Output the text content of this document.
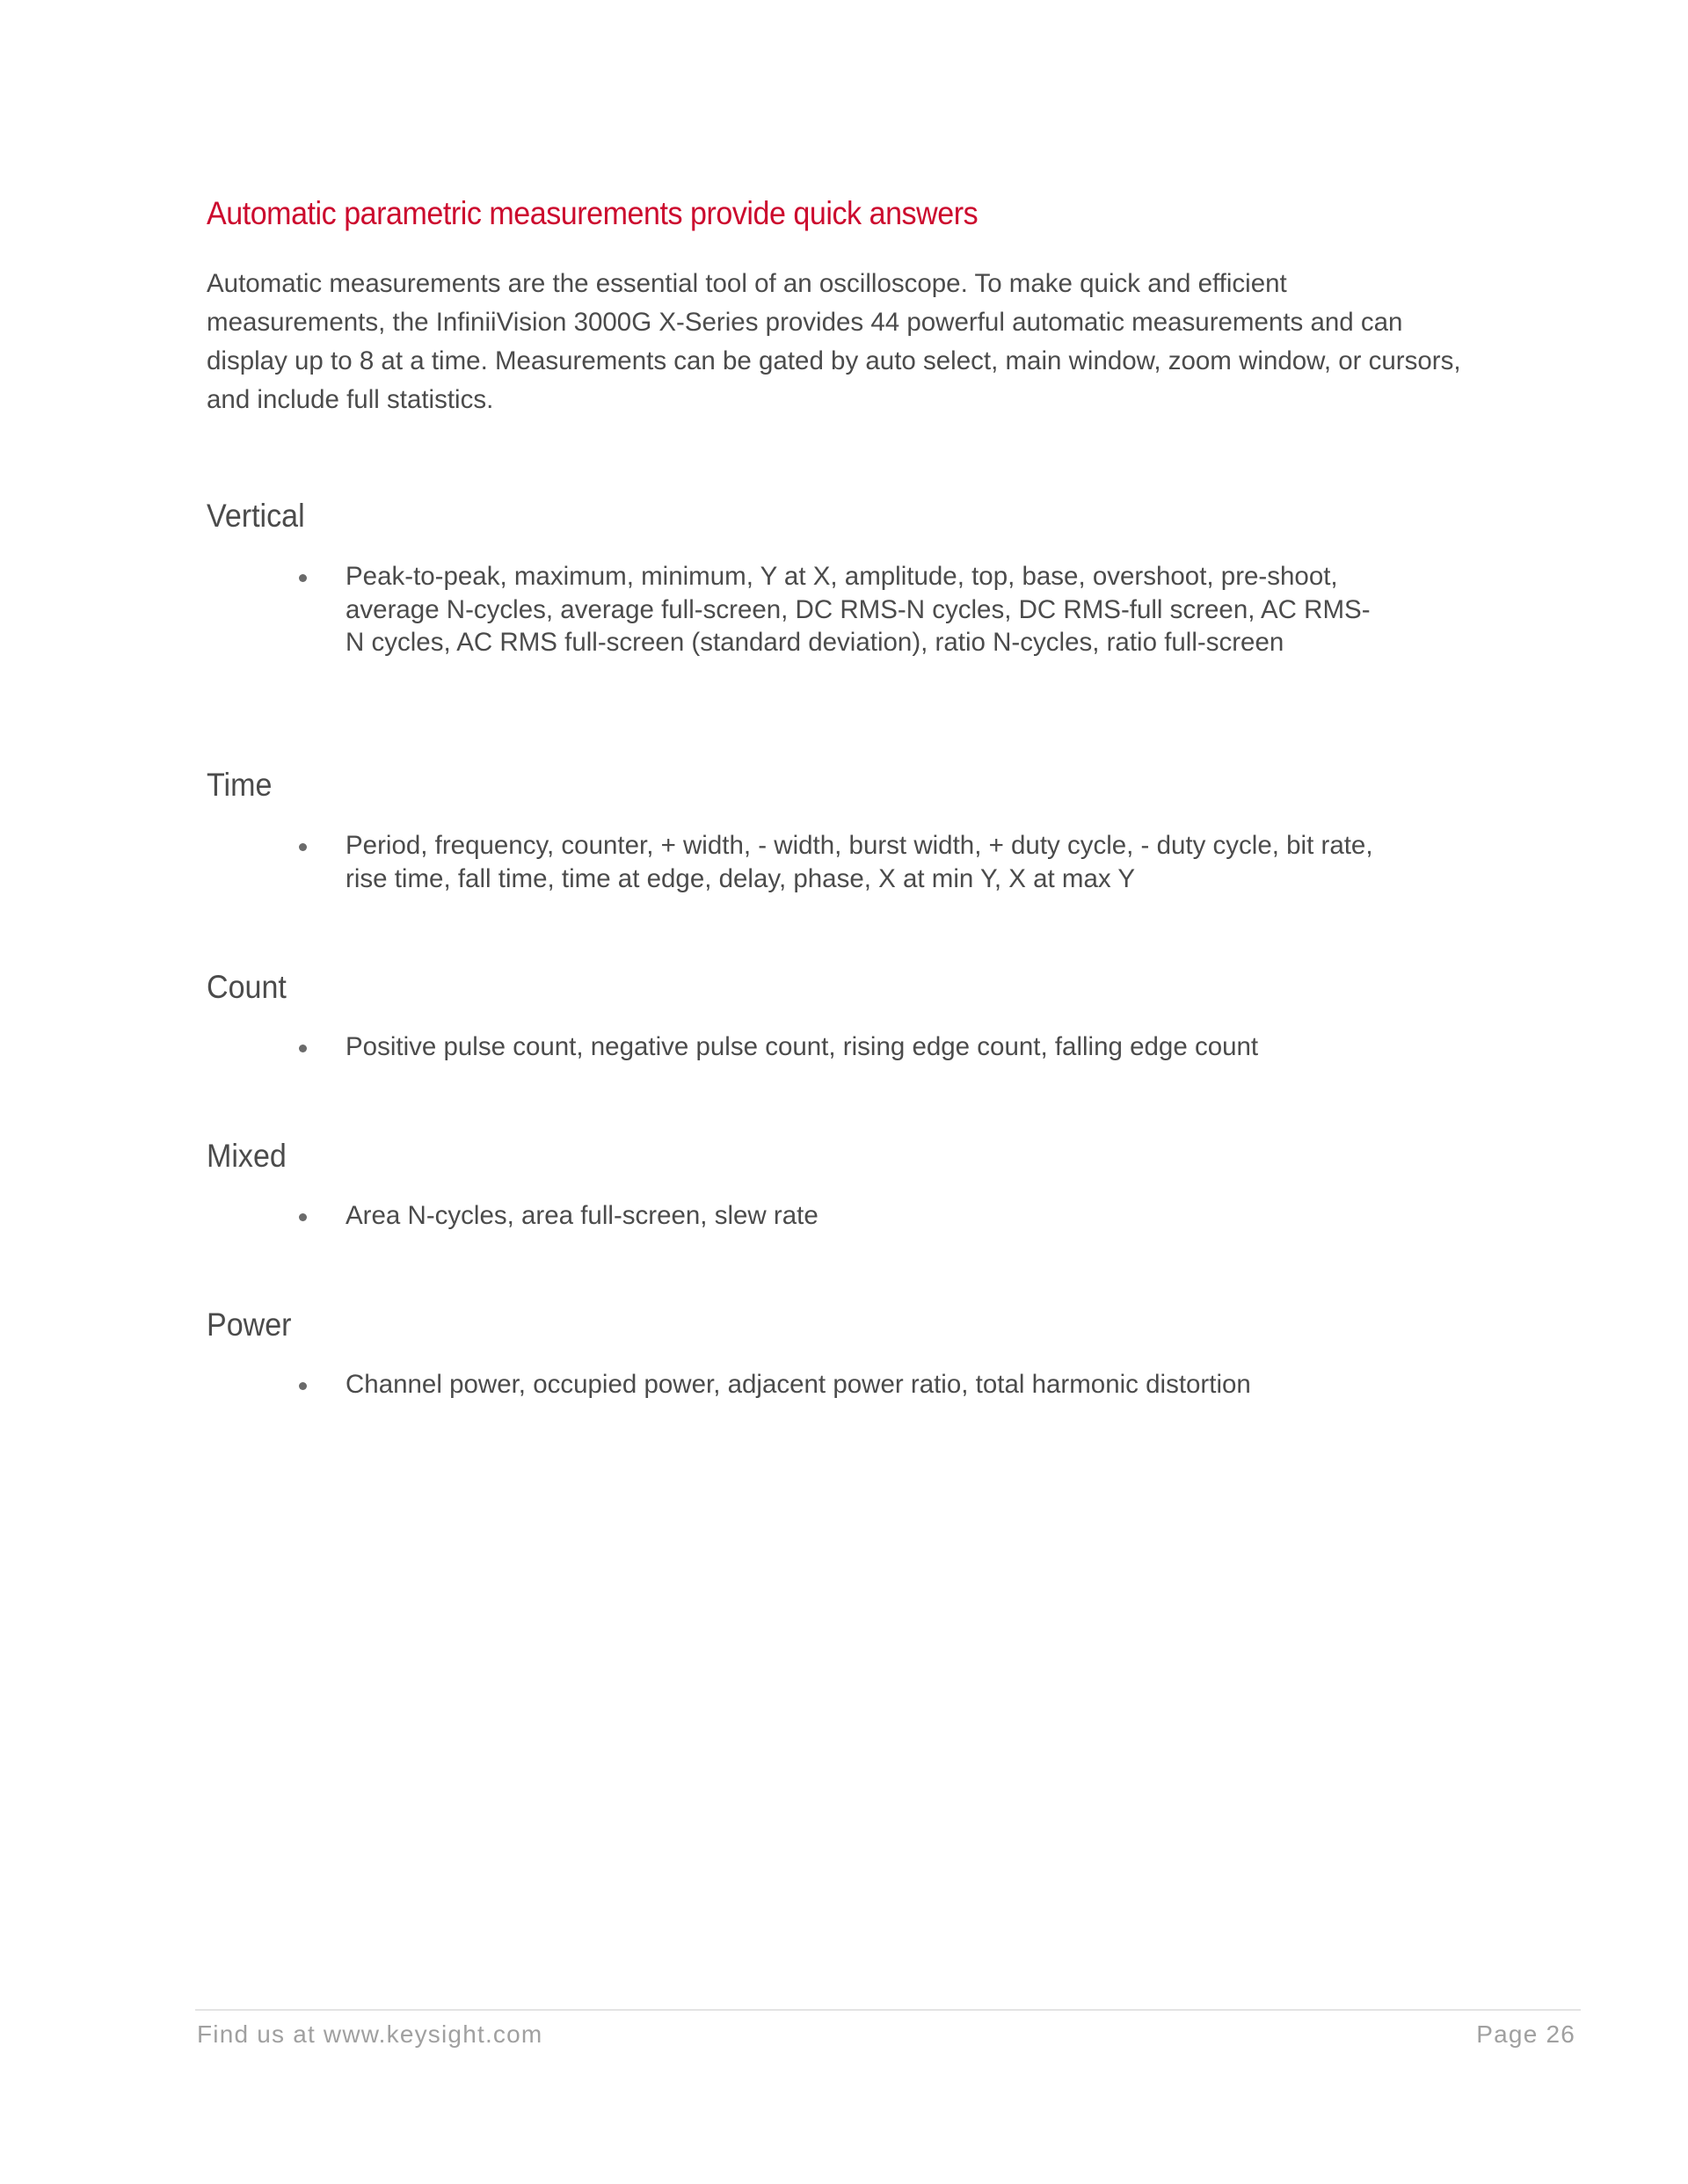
Automatic parametric measurements provide quick answers

Automatic measurements are the essential tool of an oscilloscope. To make quick and efficient measurements, the InfiniiVision 3000G X-Series provides 44 powerful automatic measurements and can display up to 8 at a time. Measurements can be gated by auto select, main window, zoom window, or cursors, and include full statistics.

Vertical
Peak-to-peak, maximum, minimum, Y at X, amplitude, top, base, overshoot, pre-shoot, average N-cycles, average full-screen, DC RMS-N cycles, DC RMS-full screen, AC RMS-N cycles, AC RMS full-screen (standard deviation), ratio N-cycles, ratio full-screen
Time
Period, frequency, counter, + width, - width, burst width, + duty cycle, - duty cycle, bit rate, rise time, fall time, time at edge, delay, phase, X at min Y, X at max Y
Count
Positive pulse count, negative pulse count, rising edge count, falling edge count
Mixed
Area N-cycles, area full-screen, slew rate
Power
Channel power, occupied power, adjacent power ratio, total harmonic distortion
Find us at www.keysight.com	Page 26
